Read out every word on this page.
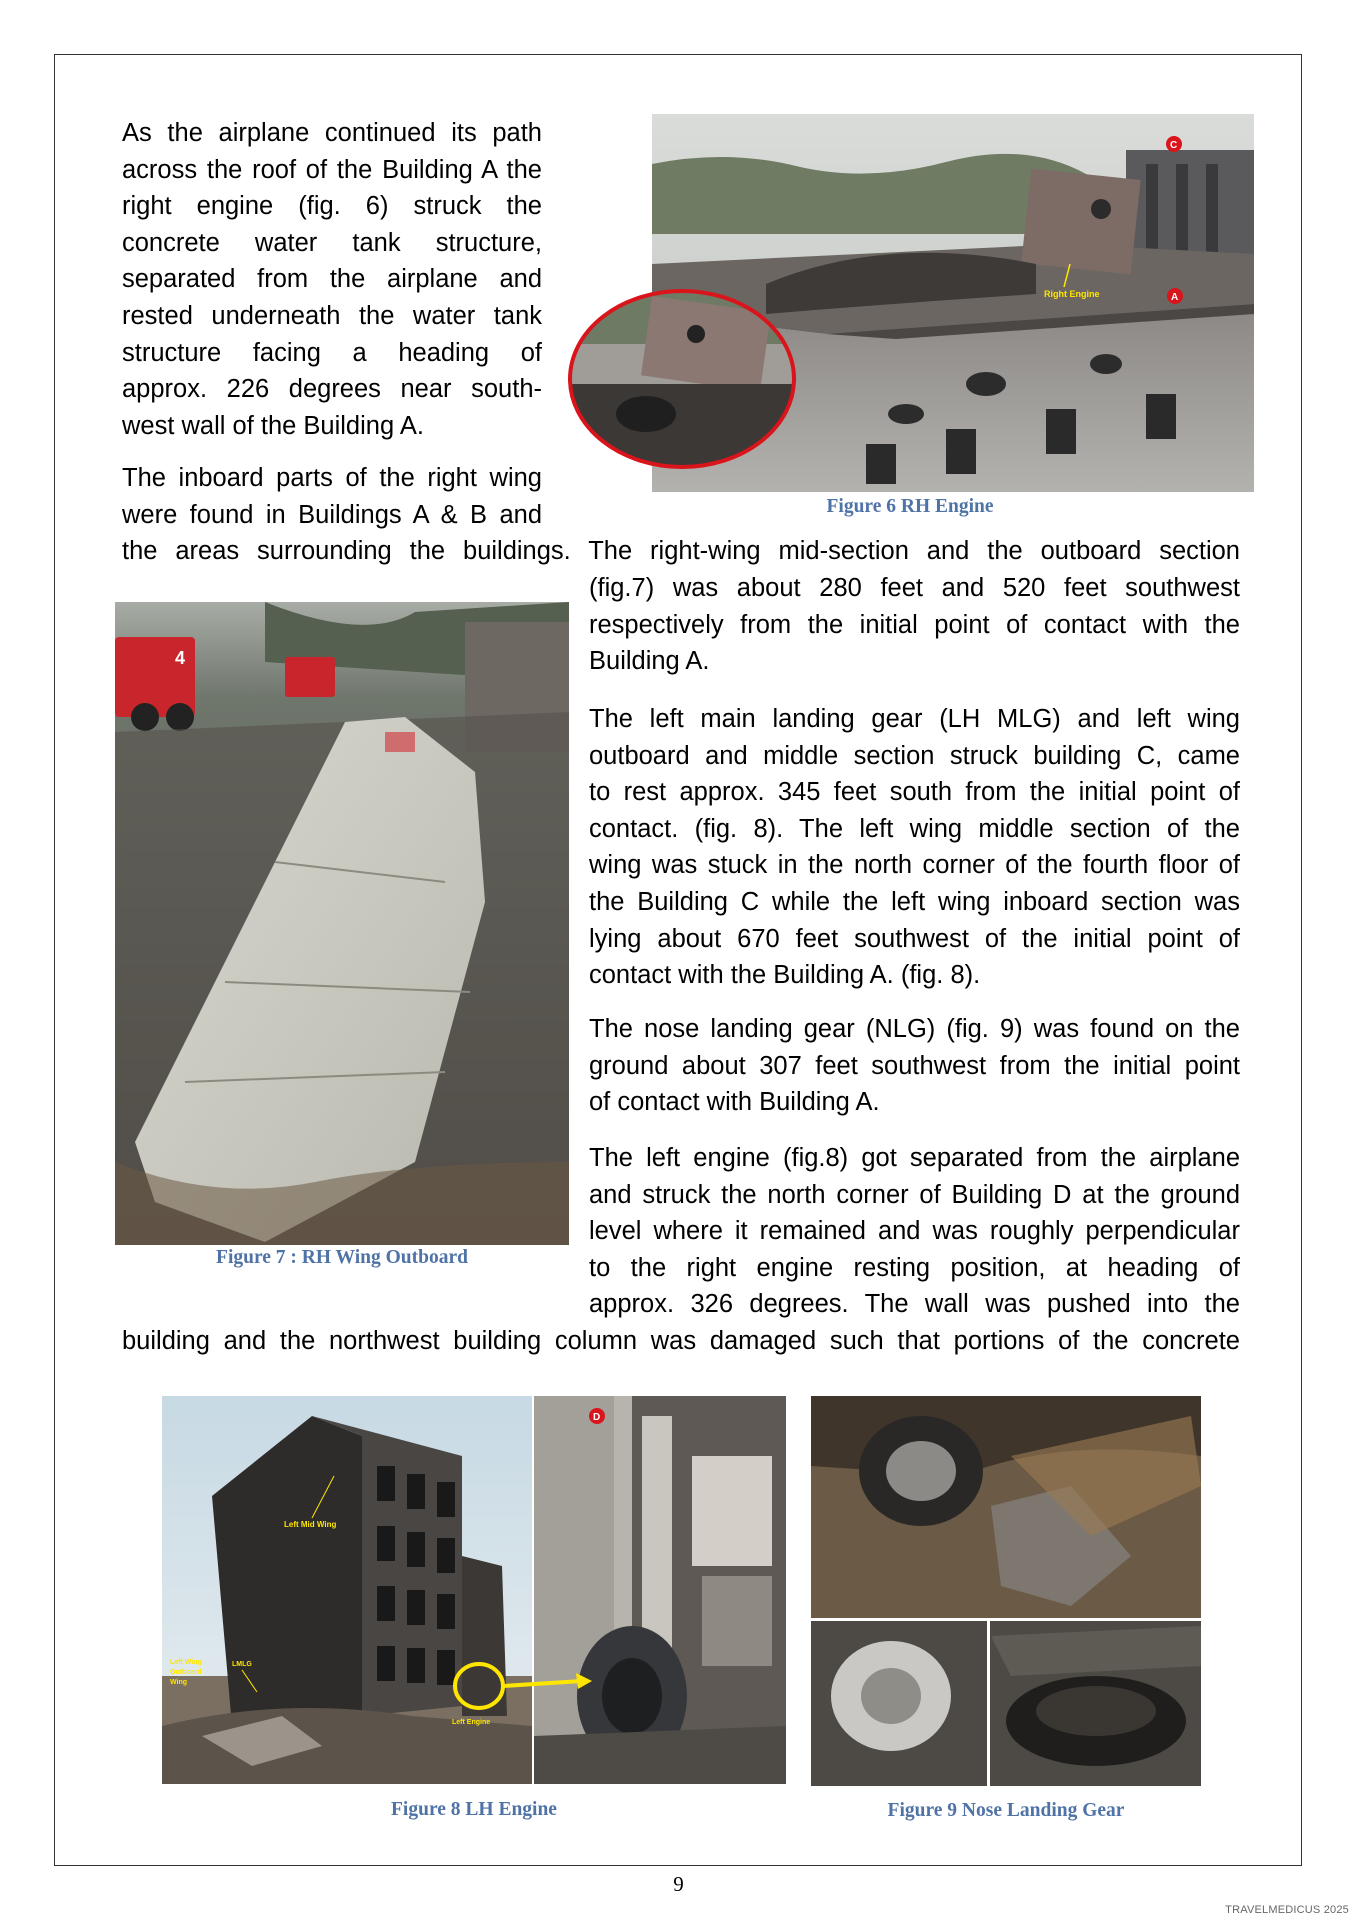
As the airplane continued its path
across the roof of the Building A the
right engine (fig. 6) struck the
concrete water tank structure,
separated from the airplane and
rested underneath the water tank
structure facing a heading of
approx. 226 degrees near south-
west wall of the Building A.
The inboard parts of the right wing
were found in Buildings A & B and
the areas surrounding the buildings. The right-wing mid-section and the outboard section
(fig.7) was about 280 feet and 520 feet southwest
respectively from the initial point of contact with the
Building A.
The left main landing gear (LH MLG) and left wing
outboard and middle section struck building C, came
to rest approx. 345 feet south from the initial point of
contact. (fig. 8). The left wing middle section of the
wing was stuck in the north corner of the fourth floor of
the Building C while the left wing inboard section was
lying about 670 feet southwest of the initial point of
contact with the Building A. (fig. 8).
The nose landing gear (NLG) (fig. 9) was found on the
ground about 307 feet southwest from the initial point
of contact with Building A.
The left engine (fig.8) got separated from the airplane
and struck the north corner of Building D at the ground
level where it remained and was roughly perpendicular
to the right engine resting position, at heading of
approx. 326 degrees. The wall was pushed into the
building and the northwest building column was damaged such that portions of the concrete
Right Engine
C
A
Figure 6 RH Engine
4
Figure 7 : RH Wing Outboard
Left Mid Wing
Left Wing
Outboard
Wing
LMLG
Left Engine
D
Figure 8 LH Engine	Figure 9 Nose Landing Gear
9
TRAVELMEDICUS 2025
